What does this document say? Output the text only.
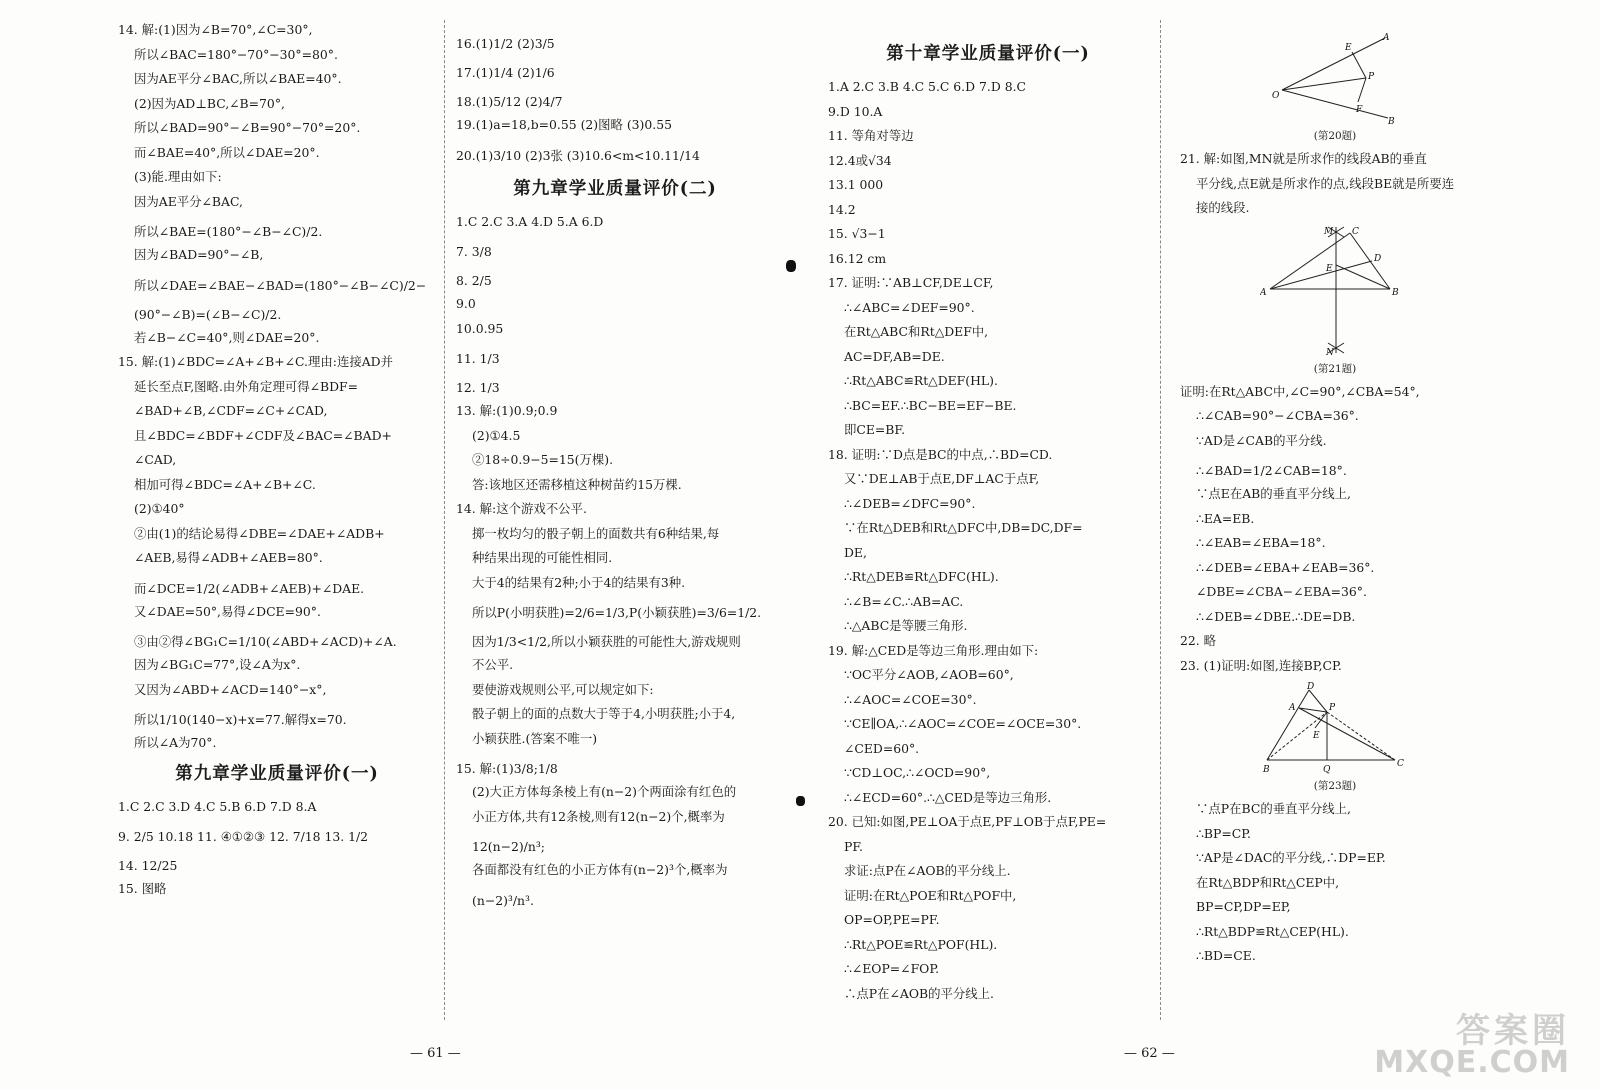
14. 解:(1)因为∠B=70°,∠C=30°,
所以∠BAC=180°−70°−30°=80°.
因为AE平分∠BAC,所以∠BAE=40°.
(2)因为AD⊥BC,∠B=70°,
所以∠BAD=90°−∠B=90°−70°=20°.
而∠BAE=40°,所以∠DAE=20°.
(3)能.理由如下:
因为AE平分∠BAC,
所以∠BAE=(180°−∠B−∠C)/2.
因为∠BAD=90°−∠B,
所以∠DAE=∠BAE−∠BAD=(180°−∠B−∠C)/2−
(90°−∠B)=(∠B−∠C)/2.
若∠B−∠C=40°,则∠DAE=20°.
15. 解:(1)∠BDC=∠A+∠B+∠C.理由:连接AD并
延长至点F,图略.由外角定理可得∠BDF=
∠BAD+∠B,∠CDF=∠C+∠CAD,
且∠BDC=∠BDF+∠CDF及∠BAC=∠BAD+
∠CAD,
相加可得∠BDC=∠A+∠B+∠C.
(2)①40°
②由(1)的结论易得∠DBE=∠DAE+∠ADB+
∠AEB,易得∠ADB+∠AEB=80°.
而∠DCE=1/2(∠ADB+∠AEB)+∠DAE.
又∠DAE=50°,易得∠DCE=90°.
③由②得∠BG₁C=1/10(∠ABD+∠ACD)+∠A.
因为∠BG₁C=77°,设∠A为x°.
又因为∠ABD+∠ACD=140°−x°,
所以1/10(140−x)+x=77.解得x=70.
所以∠A为70°.
第九章学业质量评价(一)
1.C 2.C 3.D 4.C 5.B 6.D 7.D 8.A
9. 2/5 10.18 11. ④①②③ 12. 7/18 13. 1/2
14. 12/25
15. 图略
16.(1)1/2 (2)3/5
17.(1)1/4 (2)1/6
18.(1)5/12 (2)4/7
19.(1)a=18,b=0.55 (2)图略 (3)0.55
20.(1)3/10 (2)3张 (3)10.6<m<10.11/14
第九章学业质量评价(二)
1.C 2.C 3.A 4.D 5.A 6.D
7. 3/8
8. 2/5
9.0
10.0.95
11. 1/3
12. 1/3
13. 解:(1)0.9;0.9
(2)①4.5
②18÷0.9−5=15(万棵).
答:该地区还需移植这种树苗约15万棵.
14. 解:这个游戏不公平.
掷一枚均匀的骰子朝上的面数共有6种结果,每
种结果出现的可能性相同.
大于4的结果有2种;小于4的结果有3种.
所以P(小明获胜)=2/6=1/3,P(小颖获胜)=3/6=1/2.
因为1/3<1/2,所以小颖获胜的可能性大,游戏规则
不公平.
要使游戏规则公平,可以规定如下:
骰子朝上的面的点数大于等于4,小明获胜;小于4,
小颖获胜.(答案不唯一)
15. 解:(1)3/8;1/8
(2)大正方体每条棱上有(n−2)个两面涂有红色的
小正方体,共有12条棱,则有12(n−2)个,概率为
12(n−2)/n³;
各面都没有红色的小正方体有(n−2)³个,概率为
(n−2)³/n³.
第十章学业质量评价(一)
1.A 2.C 3.B 4.C 5.C 6.D 7.D 8.C
9.D 10.A
11. 等角对等边
12.4或√34
13.1 000
14.2
15. √3−1
16.12 cm
17. 证明:∵AB⊥CF,DE⊥CF,
∴∠ABC=∠DEF=90°.
在Rt△ABC和Rt△DEF中,
AC=DF,AB=DE.
∴Rt△ABC≌Rt△DEF(HL).
∴BC=EF.∴BC−BE=EF−BE.
即CE=BF.
18. 证明:∵D点是BC的中点,∴BD=CD.
又∵DE⊥AB于点E,DF⊥AC于点F,
∴∠DEB=∠DFC=90°.
∵在Rt△DEB和Rt△DFC中,DB=DC,DF=
DE,
∴Rt△DEB≌Rt△DFC(HL).
∴∠B=∠C.∴AB=AC.
∴△ABC是等腰三角形.
19. 解:△CED是等边三角形.理由如下:
∵OC平分∠AOB,∠AOB=60°,
∴∠AOC=∠COE=30°.
∵CE∥OA,∴∠AOC=∠COE=∠OCE=30°.
∠CED=60°.
∵CD⊥OC,∴∠OCD=90°,
∴∠ECD=60°.∴△CED是等边三角形.
20. 已知:如图,PE⊥OA于点E,PF⊥OB于点F,PE=
PF.
求证:点P在∠AOB的平分线上.
证明:在Rt△POE和Rt△POF中,
OP=OP,PE=PF.
∴Rt△POE≌Rt△POF(HL).
∴∠EOP=∠FOP.
∴点P在∠AOB的平分线上.
A
E
P
O
F
B
(第20题)
21. 解:如图,MN就是所求作的线段AB的垂直
平分线,点E就是所求作的点,线段BE就是所要连
接的线段.
M C
D
E
A	B
N
(第21题)
证明:在Rt△ABC中,∠C=90°,∠CBA=54°,
∴∠CAB=90°−∠CBA=36°.
∵AD是∠CAB的平分线.
∴∠BAD=1/2∠CAB=18°.
∵点E在AB的垂直平分线上,
∴EA=EB.
∴∠EAB=∠EBA=18°.
∴∠DEB=∠EBA+∠EAB=36°.
∠DBE=∠CBA−∠EBA=36°.
∴∠DEB=∠DBE.∴DE=DB.
22. 略
23. (1)证明:如图,连接BP,CP.
D
A	P
E
B	Q
C
(第23题)
∵点P在BC的垂直平分线上,
∴BP=CP.
∵AP是∠DAC的平分线,∴DP=EP.
在Rt△BDP和Rt△CEP中,
BP=CP,DP=EP,
∴Rt△BDP≌Rt△CEP(HL).
∴BD=CE.
— 61 —	— 62 —
答案圈
MXQE.COM
